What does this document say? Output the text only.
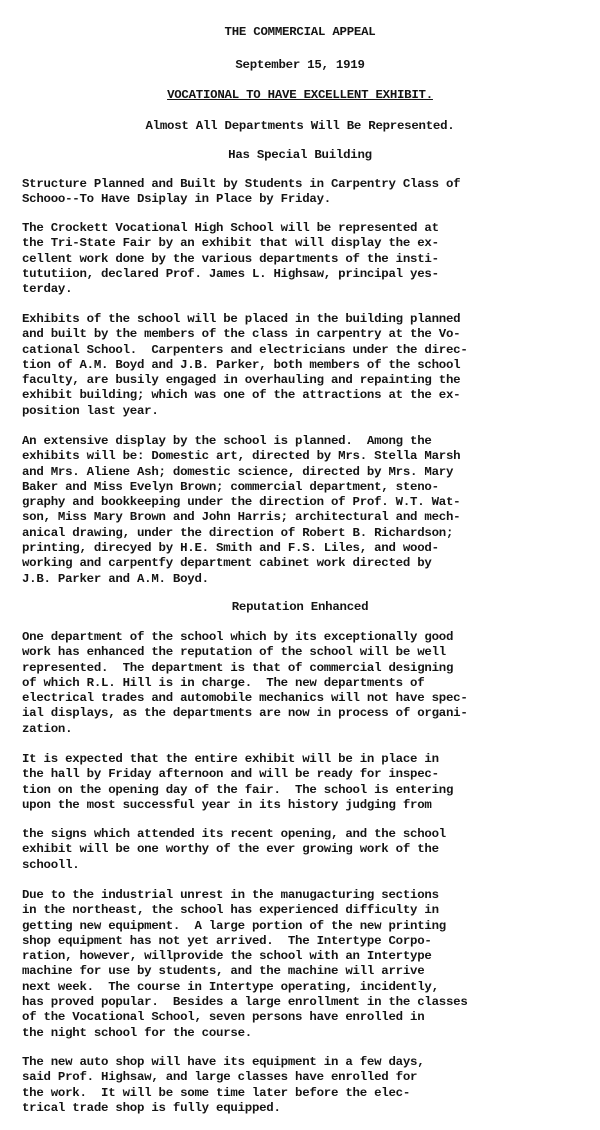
THE COMMERCIAL APPEAL
September 15, 1919
VOCATIONAL TO HAVE EXCELLENT EXHIBIT.
Almost All Departments Will Be Represented.
Has Special Building
Structure Planned and Built by Students in Carpentry Class of
Schooo--To Have Dsiplay in Place by Friday.
The Crockett Vocational High School will be represented at
the Tri-State Fair by an exhibit that will display the ex-
cellent work done by the various departments of the insti-
tututiion, declared Prof. James L. Highsaw, principal yes-
terday.
Exhibits of the school will be placed in the building planned
and built by the members of the class in carpentry at the Vo-
cational School.  Carpenters and electricians under the direc-
tion of A.M. Boyd and J.B. Parker, both members of the school
faculty, are busily engaged in overhauling and repainting the
exhibit building; which was one of the attractions at the ex-
position last year.
An extensive display by the school is planned.  Among the
exhibits will be: Domestic art, directed by Mrs. Stella Marsh
and Mrs. Aliene Ash; domestic science, directed by Mrs. Mary
Baker and Miss Evelyn Brown; commercial department, steno-
graphy and bookkeeping under the direction of Prof. W.T. Wat-
son, Miss Mary Brown and John Harris; architectural and mech-
anical drawing, under the direction of Robert B. Richardson;
printing, direcyed by H.E. Smith and F.S. Liles, and wood-
working and carpentfy department cabinet work directed by
J.B. Parker and A.M. Boyd.
Reputation Enhanced
One department of the school which by its exceptionally good
work has enhanced the reputation of the school will be well
represented.  The department is that of commercial designing
of which R.L. Hill is in charge.  The new departments of
electrical trades and automobile mechanics will not have spec-
ial displays, as the departments are now in process of organi-
zation.
It is expected that the entire exhibit will be in place in
the hall by Friday afternoon and will be ready for inspec-
tion on the opening day of the fair.  The school is entering
upon the most successful year in its history judging from
the signs which attended its recent opening, and the school
exhibit will be one worthy of the ever growing work of the
schooll.
Due to the industrial unrest in the manugacturing sections
in the northeast, the school has experienced difficulty in
getting new equipment.  A large portion of the new printing
shop equipment has not yet arrived.  The Intertype Corpo-
ration, however, willprovide the school with an Intertype
machine for use by students, and the machine will arrive
next week.  The course in Intertype operating, incidently,
has proved popular.  Besides a large enrollment in the classes
of the Vocational School, seven persons have enrolled in
the night school for the course.
The new auto shop will have its equipment in a few days,
said Prof. Highsaw, and large classes have enrolled for
the work.  It will be some time later before the elec-
trical trade shop is fully equipped.
